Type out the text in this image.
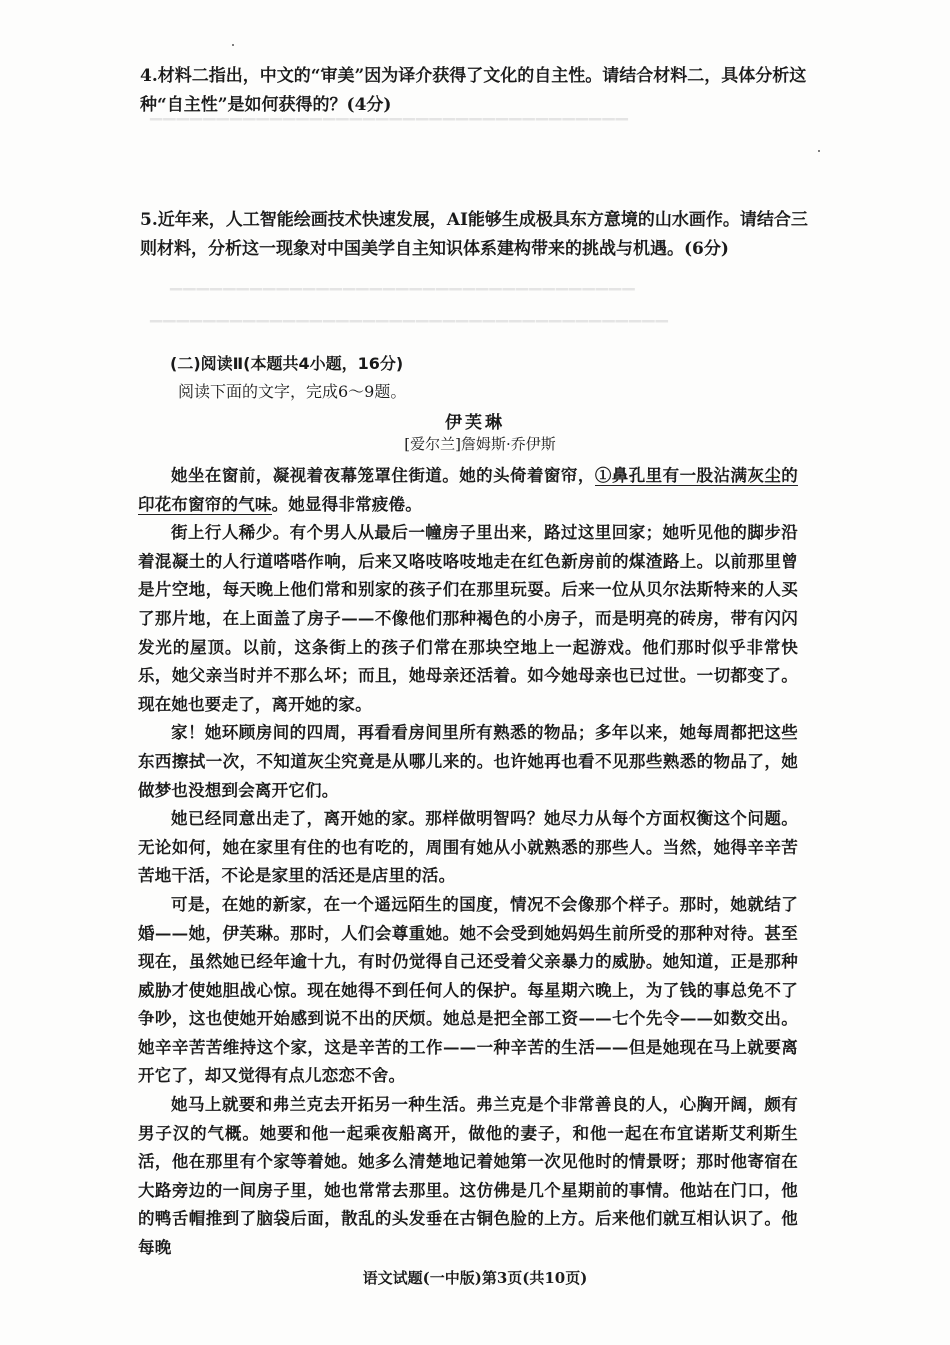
▔▔▔▔▔▔▔▔▔▔▔▔▔▔▔▔▔▔▔▔▔▔▔▔▔▔▔▔▔▔▔▔▔▔▔▔
▔▔▔▔▔▔▔▔▔▔▔▔▔▔▔▔▔▔▔▔▔▔▔▔▔▔▔▔▔▔▔▔▔▔▔
▔▔▔▔▔▔▔▔▔▔▔▔▔▔▔▔▔▔▔▔▔▔▔▔▔▔▔▔▔▔▔▔▔▔▔▔▔▔▔
4.材料二指出，中文的“审美”因为译介获得了文化的自主性。请结合材料二，具体分析这种“自主性”是如何获得的？(4分)
5.近年来，人工智能绘画技术快速发展，AI能够生成极具东方意境的山水画作。请结合三则材料，分析这一现象对中国美学自主知识体系建构带来的挑战与机遇。(6分)
(二)阅读Ⅱ(本题共4小题，16分)
阅读下面的文字，完成6～9题。
伊芙琳
[爱尔兰]詹姆斯·乔伊斯

她坐在窗前，凝视着夜幕笼罩住街道。她的头倚着窗帘，①鼻孔里有一股沾满灰尘的印花布窗帘的气味。她显得非常疲倦。

街上行人稀少。有个男人从最后一幢房子里出来，路过这里回家；她听见他的脚步沿着混凝土的人行道嗒嗒作响，后来又咯吱咯吱地走在红色新房前的煤渣路上。以前那里曾是片空地，每天晚上他们常和别家的孩子们在那里玩耍。后来一位从贝尔法斯特来的人买了那片地，在上面盖了房子——不像他们那种褐色的小房子，而是明亮的砖房，带有闪闪发光的屋顶。以前，这条街上的孩子们常在那块空地上一起游戏。他们那时似乎非常快乐，她父亲当时并不那么坏；而且，她母亲还活着。如今她母亲也已过世。一切都变了。现在她也要走了，离开她的家。

家！她环顾房间的四周，再看看房间里所有熟悉的物品；多年以来，她每周都把这些东西擦拭一次，不知道灰尘究竟是从哪儿来的。也许她再也看不见那些熟悉的物品了，她做梦也没想到会离开它们。

她已经同意出走了，离开她的家。那样做明智吗？她尽力从每个方面权衡这个问题。无论如何，她在家里有住的也有吃的，周围有她从小就熟悉的那些人。当然，她得辛辛苦苦地干活，不论是家里的活还是店里的活。

可是，在她的新家，在一个遥远陌生的国度，情况不会像那个样子。那时，她就结了婚——她，伊芙琳。那时，人们会尊重她。她不会受到她妈妈生前所受的那种对待。甚至现在，虽然她已经年逾十九，有时仍觉得自己还受着父亲暴力的威胁。她知道，正是那种威胁才使她胆战心惊。现在她得不到任何人的保护。每星期六晚上，为了钱的事总免不了争吵，这也使她开始感到说不出的厌烦。她总是把全部工资——七个先令——如数交出。她辛辛苦苦维持这个家，这是辛苦的工作——一种辛苦的生活——但是她现在马上就要离开它了，却又觉得有点儿恋恋不舍。

她马上就要和弗兰克去开拓另一种生活。弗兰克是个非常善良的人，心胸开阔，颇有男子汉的气概。她要和他一起乘夜船离开，做他的妻子，和他一起在布宜诺斯艾利斯生活，他在那里有个家等着她。她多么清楚地记着她第一次见他时的情景呀；那时他寄宿在大路旁边的一间房子里，她也常常去那里。这仿佛是几个星期前的事情。他站在门口，他的鸭舌帽推到了脑袋后面，散乱的头发垂在古铜色脸的上方。后来他们就互相认识了。他每晚

语文试题(一中版)第3页(共10页)
